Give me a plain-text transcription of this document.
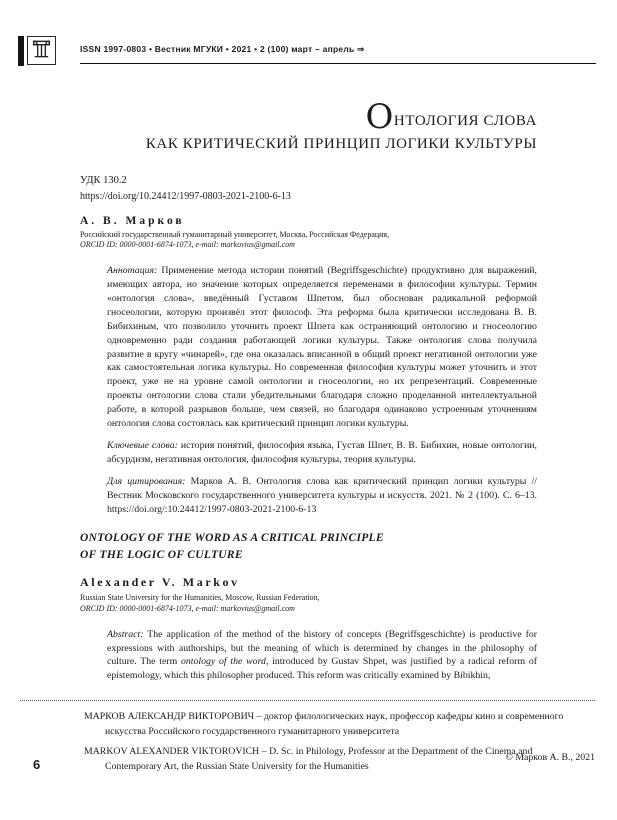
ISSN 1997-0803 • Вестник МГУКИ • 2021 • 2 (100) март – апрель ⇒
ОНТОЛОГИЯ СЛОВА
КАК КРИТИЧЕСКИЙ ПРИНЦИП ЛОГИКИ КУЛЬТУРЫ
УДК 130.2
https://doi.org/10.24412/1997-0803-2021-2100-6-13
А. В. Марков
Российский государственный гуманитарный университет, Москва, Российская Федерация,
ORCID ID: 0000-0001-6874-1073, e-mail: markovius@gmail.com

Аннотация: Применение метода истории понятий (Begriffsgeschichte) продуктивно для выражений, имеющих автора, но значение которых определяется переменами в философии культуры. Термин «онтология слова», введённый Густавом Шпетом, был обоснован радикальной реформой гносеологии, которую произвёл этот философ. Эта реформа была критически исследована В. В. Бибихиным, что позволило уточнить проект Шпета как остраняющий онтологию и гносеологию одновременно ради создания работающей логики культуры. Также онтология слова получила развитие в кругу «чинарей», где она оказалась вписанной в общий проект негативной онтологии уже как самостоятельная логика культуры. Но современная философия культуры может уточнить и этот проект, уже не на уровне самой онтологии и гносеологии, но их репрезентаций. Современные проекты онтологии слова стали убедительными благодаря сложно проделанной интеллектуальной работе, в которой разрывов больше, чем связей, но благодаря одинаково устроенным уточнениям онтология слова состоялась как критический принцип логики культуры.

Ключевые слова: история понятий, философия языка, Густав Шпет, В. В. Бибихин, новые онтологии, абсурдизм, негативная онтология, философия культуры, теория культуры.

Для цитирования: Марков А. В. Онтология слова как критический принцип логики культуры // Вестник Московского государственного университета культуры и искусств. 2021. № 2 (100). С. 6–13. https://doi.org/:10.24412/1997-0803-2021-2100-6-13

ONTOLOGY OF THE WORD AS A CRITICAL PRINCIPLE
OF THE LOGIC OF CULTURE
Alexander V. Markov
Russian State University for the Humanities, Moscow, Russian Federation,
ORCID ID: 0000-0001-6874-1073, e-mail: markovius@gmail.com

Abstract: The application of the method of the history of concepts (Begriffsgeschichte) is productive for expressions with authorships, but the meaning of which is determined by changes in the philosophy of culture. The term ontology of the word, introduced by Gustav Shpet, was justified by a radical reform of epistemology, which this philosopher produced. This reform was critically examined by Bibikhin,

МАРКОВ АЛЕКСАНДР ВИКТОРОВИЧ – доктор филологических наук, профессор кафедры кино и современного искусства Российского государственного гуманитарного университета

MARKOV ALEXANDER VIKTOROVICH – D. Sc. in Philology, Professor at the Department of the Cinema and Contemporary Art, the Russian State University for the Humanities

© Марков А. В., 2021
6
